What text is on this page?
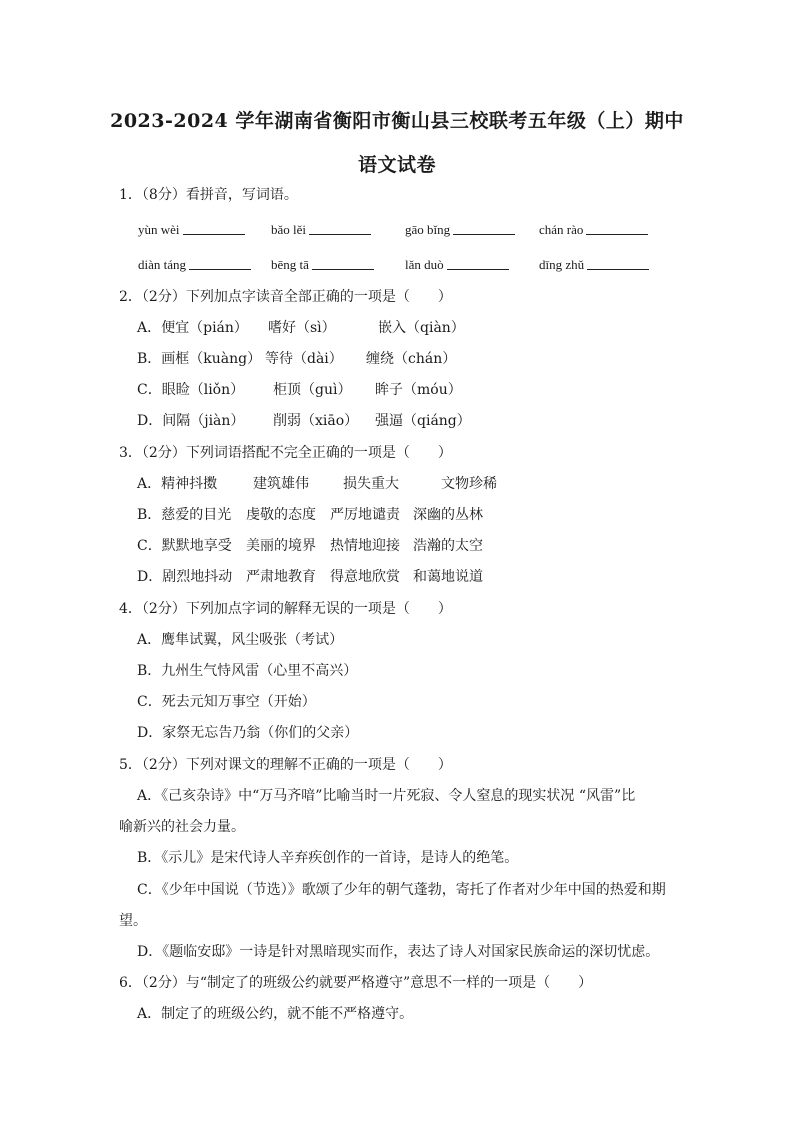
2023-2024 学年湖南省衡阳市衡山县三校联考五年级（上）期中
语文试卷
1．（8分）看拼音，写词语。
yùn wèi	bǎo lěi	gāo bǐng	chán rào
diàn táng	bēng tā	lǎn duò	dīng zhǔ
2．（2分）下列加点字读音全部正确的一项是（　　）
A．便宜（pián） 嗜好（sì）	嵌入（qiàn）
B．画框（kuàng） 等待（dài） 缠绕（chán）
C．眼睑（liǒn） 柜顶（guì） 眸子（móu）
D．间隔（jiàn） 削弱（xiāo） 强逼（qiáng）
3．（2分）下列词语搭配不完全正确的一项是（　　）
A．精神抖擞	建筑雄伟 损失重大	文物珍稀
B．慈爱的目光 虔敬的态度 严厉地谴责 深幽的丛林
C．默默地享受 美丽的境界 热情地迎接 浩瀚的太空
D．剧烈地抖动 严肃地教育 得意地欣赏 和蔼地说道
4．（2分）下列加点字词的解释无误的一项是（　　）
A．鹰隼试翼，风尘吸张（考试）
B．九州生气恃风雷（心里不高兴）
C．死去元知万事空（开始）
D．家祭无忘告乃翁（你们的父亲）
5．（2分）下列对课文的理解不正确的一项是（　　）
A．《己亥杂诗》中“万马齐喑”比喻当时一片死寂、令人窒息的现实状况 “风雷”比
喻新兴的社会力量。
B．《示儿》是宋代诗人辛弃疾创作的一首诗，是诗人的绝笔。
C．《少年中国说（节选）》歌颂了少年的朝气蓬勃，寄托了作者对少年中国的热爱和期
望。
D．《题临安邸》一诗是针对黑暗现实而作，表达了诗人对国家民族命运的深切忧虑。
6．（2分）与“制定了的班级公约就要严格遵守”意思不一样的一项是（　　）
A．制定了的班级公约，就不能不严格遵守。
